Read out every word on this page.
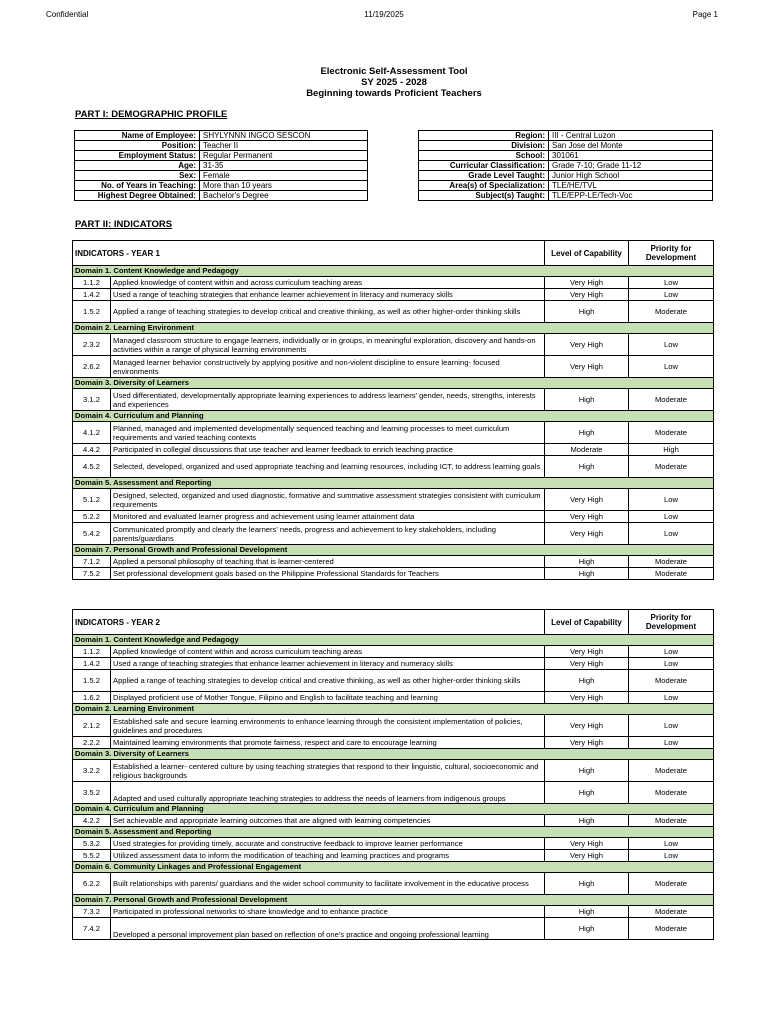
Confidential	11/19/2025	Page 1
Electronic Self-Assessment Tool
SY 2025 - 2028
Beginning towards Proficient Teachers
PART I: DEMOGRAPHIC PROFILE
Name of Employee:	SHYLYNNN INGCO SESCON
Position:	Teacher II
Employment Status:	Regular Permanent
Age:	31-35
Sex:	Female
No. of Years in Teaching:	More than 10 years
Highest Degree Obtained:	Bachelor's Degree
Region:	III - Central Luzon
Division:	San Jose del Monte
School:	301061
Curricular Classification:	Grade 7-10; Grade 11-12
Grade Level Taught:	Junior High School
Area(s) of Specialization:	TLE/HE/TVL
Subject(s) Taught:	TLE/EPP-LE/Tech-Voc
PART II: INDICATORS
INDICATORS - YEAR 1		Level of Capability	Priority for Development
Domain 1. Content Knowledge and Pedagogy			
1.1.2	Applied knowledge of content within and across curriculum teaching areas	Very High	Low
1.4.2	Used a range of teaching strategies that enhance learner achievement in literacy and numeracy skills	Very High	Low
1.5.2	Applied a range of teaching strategies to develop critical and creative thinking, as well as other higher-order thinking skills	High	Moderate
Domain 2. Learning Environment			
2.3.2	Managed classroom structure to engage learners, individually or in groups, in meaningful exploration, discovery and hands-on activities within a range of physical learning environments	Very High	Low
2.6.2	Managed learner behavior constructively by applying positive and non-violent discipline to ensure learning- focused environments	Very High	Low
Domain 3. Diversity of Learners			
3.1.2	Used differentiated, developmentally appropriate learning experiences to address learners' gender, needs, strengths, interests and experiences	High	Moderate
Domain 4. Curriculum and Planning			
4.1.2	Planned, managed and implemented developmentally sequenced teaching and learning processes to meet curriculum requirements and varied teaching contexts	High	Moderate
4.4.2	Participated in collegial discussions that use teacher and learner feedback to enrich teaching practice	Moderate	High
4.5.2	Selected, developed, organized and used appropriate teaching and learning resources, including ICT, to address learning goals	High	Moderate
Domain 5. Assessment and Reporting			
5.1.2	Designed, selected, organized and used diagnostic, formative and summative assessment strategies consistent with curriculum requirements	Very High	Low
5.2.2	Monitored and evaluated learner progress and achievement using learner attainment data	Very High	Low
5.4.2	Communicated promptly and clearly the learners' needs, progress and achievement to key stakeholders, including parents/guardians	Very High	Low
Domain 7. Personal Growth and Professional Development			
7.1.2	Applied a personal philosophy of teaching that is learner-centered	High	Moderate
7.5.2	Set professional development goals based on the Philippine Professional Standards for Teachers	High	Moderate
INDICATORS - YEAR 2		Level of Capability	Priority for Development
Domain 1. Content Knowledge and Pedagogy			
1.1.2	Applied knowledge of content within and across curriculum teaching areas	Very High	Low
1.4.2	Used a range of teaching strategies that enhance learner achievement in literacy and numeracy skills	Very High	Low
1.5.2	Applied a range of teaching strategies to develop critical and creative thinking, as well as other higher-order thinking skills	High	Moderate
1.6.2	Displayed proficient use of Mother Tongue, Filipino and English to facilitate teaching and learning	Very High	Low
Domain 2. Learning Environment			
2.1.2	Established safe and secure learning environments to enhance learning through the consistent implementation of policies, guidelines and procedures	Very High	Low
2.2.2	Maintained learning environments that promote fairness, respect and care to encourage learning	Very High	Low
Domain 3. Diversity of Learners			
3.2.2	Established a learner- centered culture by using teaching strategies that respond to their linguistic, cultural, socioeconomic and religious backgrounds	High	Moderate
3.5.2	Adapted and used culturally appropriate teaching strategies to address the needs of learners from indigenous groups	High	Moderate
Domain 4. Curriculum and Planning			
4.2.2	Set achievable and appropriate learning outcomes that are aligned with learning competencies	High	Moderate
Domain 5. Assessment and Reporting			
5.3.2	Used strategies for providing timely, accurate and constructive feedback to improve learner performance	Very High	Low
5.5.2	Utilized assessment data to inform the modification of teaching and learning practices and programs	Very High	Low
Domain 6. Community Linkages and Professional Engagement			
6.2.2	Built relationships with parents/ guardians and the wider school community to facilitate involvement in the educative process	High	Moderate
Domain 7. Personal Growth and Professional Development			
7.3.2	Participated in professional networks to share knowledge and to enhance practice	High	Moderate
7.4.2	Developed a personal improvement plan based on reflection of one's practice and ongoing professional learning	High	Moderate
